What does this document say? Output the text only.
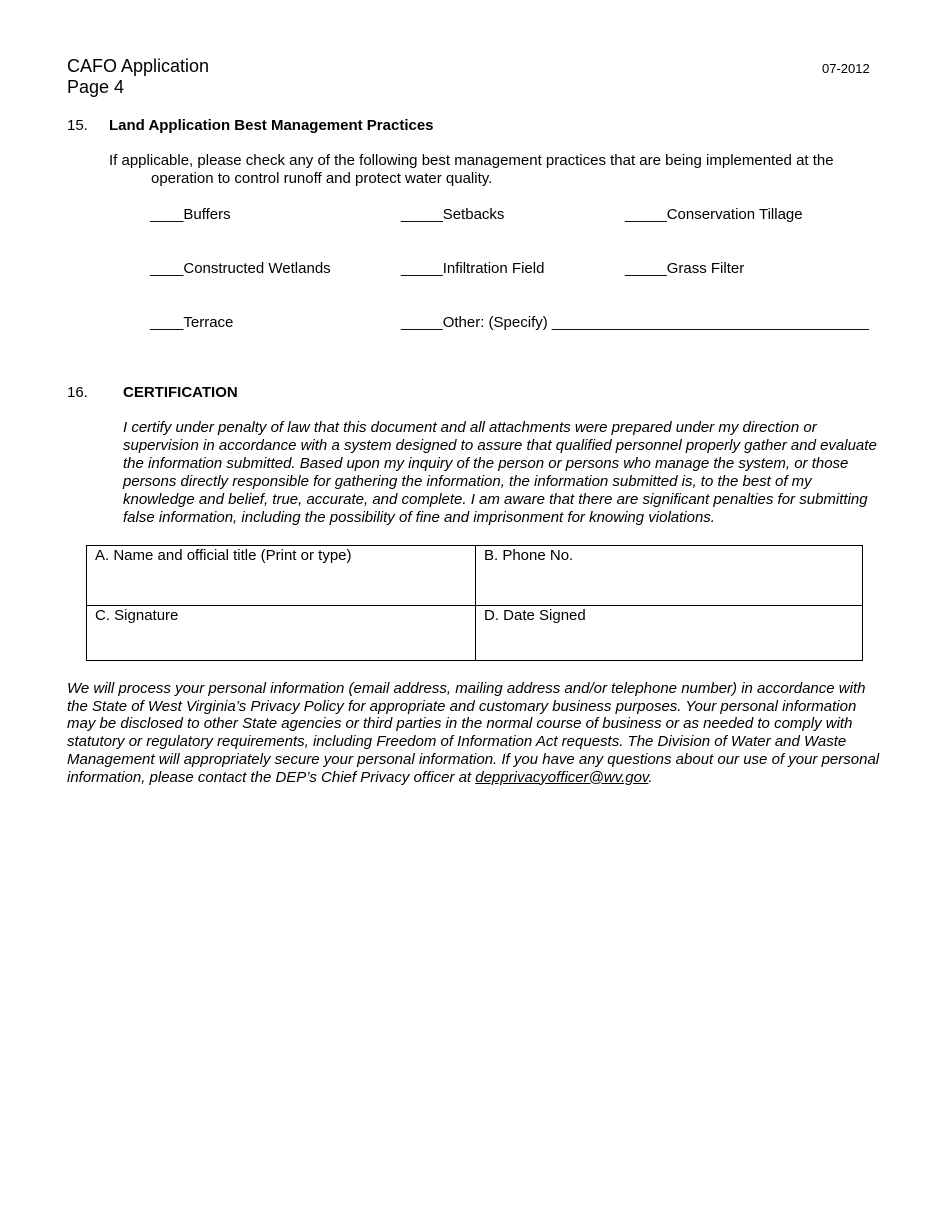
CAFO Application
Page 4
07-2012
15. Land Application Best Management Practices
If applicable, please check any of the following best management practices that are being implemented at the
operation to control runoff and protect water quality.
____Buffers	_____Setbacks	_____Conservation Tillage
____Constructed Wetlands	_____Infiltration Field	_____Grass Filter
____Terrace	_____Other: (Specify) ______________________________________
16. CERTIFICATION
I certify under penalty of law that this document and all attachments were prepared under my direction or supervision in accordance with a system designed to assure that qualified personnel properly gather and evaluate the information submitted. Based upon my inquiry of the person or persons who manage the system, or those persons directly responsible for gathering the information, the information submitted is, to the best of my knowledge and belief, true, accurate, and complete. I am aware that there are significant penalties for submitting false information, including the possibility of fine and imprisonment for knowing violations.
A. Name and official title (Print or type)	B. Phone No.
C. Signature	D. Date Signed
We will process your personal information (email address, mailing address and/or telephone number) in accordance with the State of West Virginia’s Privacy Policy for appropriate and customary business purposes. Your personal information may be disclosed to other State agencies or third parties in the normal course of business or as needed to comply with statutory or regulatory requirements, including Freedom of Information Act requests. The Division of Water and Waste Management will appropriately secure your personal information. If you have any questions about our use of your personal information, please contact the DEP’s Chief Privacy officer at depprivacyofficer@wv.gov.
